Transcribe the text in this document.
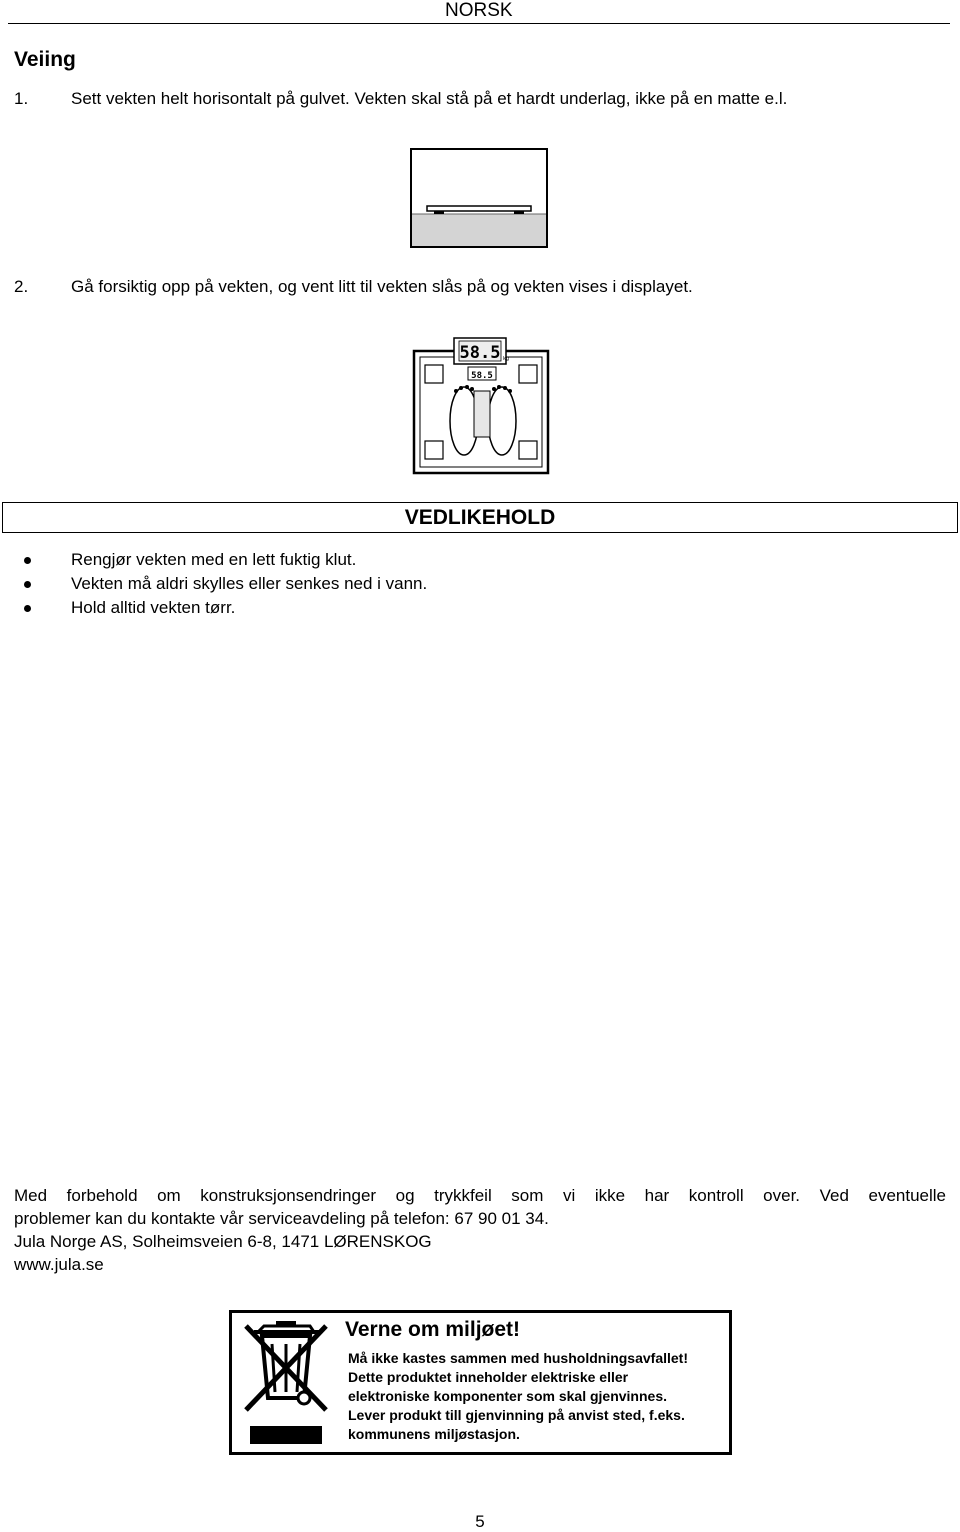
NORSK
Veiing
1.	Sett vekten helt horisontalt på gulvet. Vekten skal stå på et hardt underlag, ikke på en matte e.l.
2.	Gå forsiktig opp på vekten, og vent litt til vekten slås på og vekten vises i displayet.
58.5 kg
58.5
VEDLIKEHOLD
Rengjør vekten med en lett fuktig klut.
Vekten må aldri skylles eller senkes ned i vann.
Hold alltid vekten tørr.
Med forbehold om konstruksjonsendringer og trykkfeil som vi ikke har kontroll over. Ved eventuelle
problemer kan du kontakte vår serviceavdeling på telefon: 67 90 01 34.
Jula Norge AS, Solheimsveien 6-8, 1471 LØRENSKOG
www.jula.se
Verne om miljøet!
Må ikke kastes sammen med husholdningsavfallet!
Dette produktet inneholder elektriske eller
elektroniske komponenter som skal gjenvinnes.
Lever produkt till gjenvinning på anvist sted, f.eks.
kommunens miljøstasjon.
5
